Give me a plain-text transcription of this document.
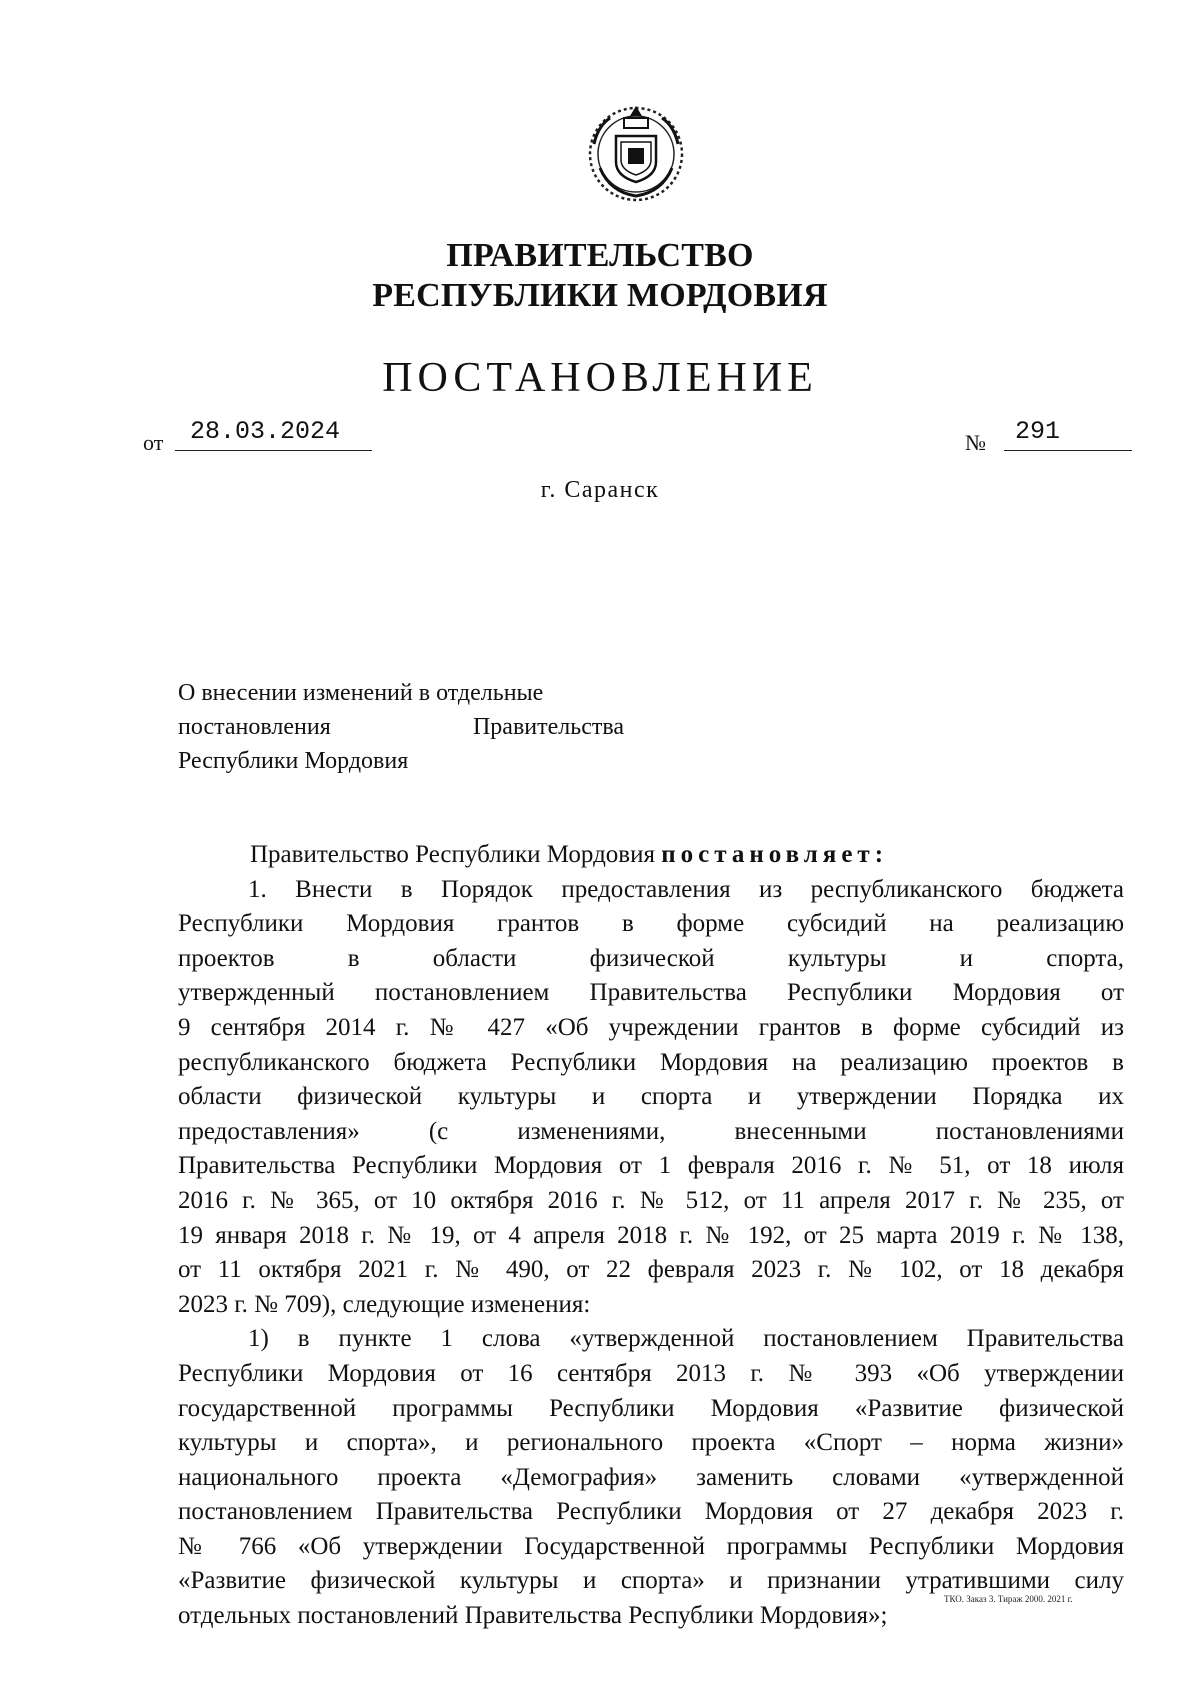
ПРАВИТЕЛЬСТВО
РЕСПУБЛИКИ МОРДОВИЯ
ПОСТАНОВЛЕНИЕ
от 28.03.2024	№ 291
г. Саранск
О внесении изменений в отдельные
постановления	Правительства
Республики Мордовия
Правительство Республики Мордовия постановляет:
1. Внести в Порядок предоставления из республиканского бюджета
Республики Мордовия грантов в форме субсидий на реализацию
проектов в области физической культуры и спорта,
утвержденный постановлением Правительства Республики Мордовия от
9 сентября 2014 г. № 427 «Об учреждении грантов в форме субсидий из
республиканского бюджета Республики Мордовия на реализацию проектов в
области физической культуры и спорта и утверждении Порядка их
предоставления» (с изменениями, внесенными постановлениями
Правительства Республики Мордовия от 1 февраля 2016 г. № 51, от 18 июля
2016 г. № 365, от 10 октября 2016 г. № 512, от 11 апреля 2017 г. № 235, от
19 января 2018 г. № 19, от 4 апреля 2018 г. № 192, от 25 марта 2019 г. № 138,
от 11 октября 2021 г. № 490, от 22 февраля 2023 г. № 102, от 18 декабря
2023 г. № 709), следующие изменения:
1) в пункте 1 слова «утвержденной постановлением Правительства
Республики Мордовия от 16 сентября 2013 г. № 393 «Об утверждении
государственной программы Республики Мордовия «Развитие физической
культуры и спорта», и регионального проекта «Спорт – норма жизни»
национального проекта «Демография» заменить словами «утвержденной
постановлением Правительства Республики Мордовия от 27 декабря 2023 г.
№ 766 «Об утверждении Государственной программы Республики Мордовия
«Развитие физической культуры и спорта» и признании утратившими силу
отдельных постановлений Правительства Республики Мордовия»;
ТКО. Заказ 3. Тираж 2000. 2021 г.
